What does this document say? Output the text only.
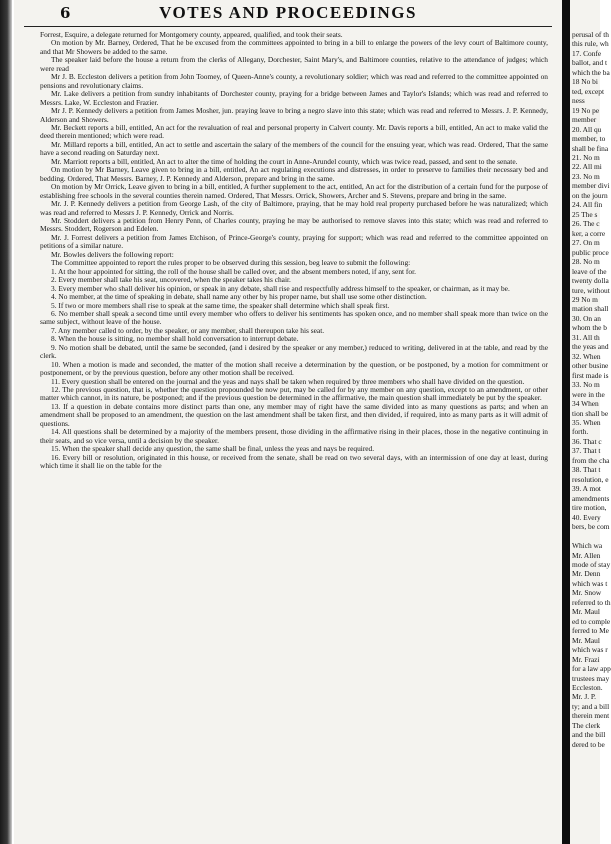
6	VOTES AND PROCEEDINGS

Forrest, Esquire, a delegate returned for Montgomery county, appeared, qualified, and took their seats.

On motion by Mr. Barney, Ordered, That he be excused from the committees appointed to bring in a bill to enlarge the powers of the levy court of Baltimore county, and that Mr Showers be added to the same.

The speaker laid before the house a return from the clerks of Allegany, Dorchester, Saint Mary's, and Baltimore counties, relative to the attendance of judges; which were read

Mr J. B. Eccleston delivers a petition from John Toomey, of Queen-Anne's county, a revolutionary soldier; which was read and referred to the committee appointed on pensions and revolutionary claims.

Mr. Lake delivers a petition from sundry inhabitants of Dorchester county, praying for a bridge between James and Taylor's Islands; which was read and referred to Messrs. Lake, W. Eccleston and Frazier.

Mr J. P. Kennedy delivers a petition from James Mosher, jun. praying leave to bring a negro slave into this state; which was read and referred to Messrs. J. P. Kennedy, Alderson and Showers.

Mr. Beckett reports a bill, entitled, An act for the revaluation of real and personal property in Calvert county. Mr. Davis reports a bill, entitled, An act to make valid the deed therein mentioned; which were read.

Mr. Millard reports a bill, entitled, An act to settle and ascertain the salary of the members of the council for the ensuing year, which was read. Ordered, That the same have a second reading on Saturday next.

Mr. Marriott reports a bill, entitled, An act to alter the time of holding the court in Anne-Arundel county, which was twice read, passed, and sent to the senate.

On motion by Mr Barney, Leave given to bring in a bill, entitled, An act regulating executions and distresses, in order to preserve to families their necessary bed and bedding. Ordered, That Messrs. Barney, J. P. Kennedy and Alderson, prepare and bring in the same.

On motion by Mr Orrick, Leave given to bring in a bill, entitled, A further supplement to the act, entitled, An act for the distribution of a certain fund for the purpose of establishing free schools in the several counties therein named. Ordered, That Messrs. Orrick, Showers, Archer and S. Stevens, prepare and bring in the same.

Mr. J. P. Kennedy delivers a petition from George Lash, of the city of Baltimore, praying, that he may hold real property purchased before he was naturalized; which was read and referred to Messrs J. P. Kennedy, Orrick and Norris.

Mr. Stoddert delivers a petition from Henry Penn, of Charles county, praying he may be authorised to remove slaves into this state; which was read and referred to Messrs. Stoddert, Rogerson and Edelen.

Mr. J. Forrest delivers a petition from James Etchison, of Prince-George's county, praying for support; which was read and referred to the committee appointed on petitions of a similar nature.

Mr. Bowles delivers the following report:

The Committee appointed to report the rules proper to be observed during this session, beg leave to submit the following:

1. At the hour appointed for sitting, the roll of the house shall be called over, and the absent members noted, if any, sent for.

2. Every member shall take his seat, uncovered, when the speaker takes his chair.

3. Every member who shall deliver his opinion, or speak in any debate, shall rise and respectfully address himself to the speaker, or chairman, as it may be.

4. No member, at the time of speaking in debate, shall name any other by his proper name, but shall use some other distinction.

5. If two or more members shall rise to speak at the same time, the speaker shall determine which shall speak first.

6. No member shall speak a second time until every member who offers to deliver his sentiments has spoken once, and no member shall speak more than twice on the same subject, without leave of the house.

7. Any member called to order, by the speaker, or any member, shall thereupon take his seat.

8. When the house is sitting, no member shall hold conversation to interrupt debate.

9. No motion shall be debated, until the same be seconded, (and i desired by the speaker or any member,) reduced to writing, delivered in at the table, and read by the clerk.

10. When a motion is made and seconded, the matter of the motion shall receive a determination by the question, or be postponed, by a motion for commitment or postponement, or by the previous question, before any other motion shall be received.

11. Every question shall be entered on the journal and the yeas and nays shall be taken when required by three members who shall have divided on the question.

12. The previous question, that is, whether the question propounded be now put, may be called for by any member on any question, except to an amendment, or other matter which cannot, in its nature, be postponed; and if the previous question be determined in the affirmative, the main question shall immediately be put by the speaker.

13. If a question in debate contains more distinct parts than one, any member may of right have the same divided into as many questions as parts; and when an amendment shall be proposed to an amendment, the question on the last amendment shall be taken first, and then divided, if required, into as many parts as it will admit of questions.

14. All questions shall be determined by a majority of the members present, those dividing in the affirmative rising in their places, those in the negative continuing in their seats, and so vice versa, until a decision by the speaker.

15. When the speaker shall decide any question, the same shall be final, unless the yeas and nays be required.

16. Every bill or resolution, originated in this house, or received from the senate, shall be read on two several days, with an intermission of one day at least, during which time it shall lie on the table for the

perusal of th
this rule, wh
17. Confe
ballot, and t
which the ba
18 No bi
ted, except
ness
19 No pe
member
20. All qu
member, to
shall be fina
21. No m
22. All mi
23. No m
member divi
on the journ
24. All fin
25 The s
26. The c
ker, a corre
27. On m
public proce
28. No m
leave of the
twenty dolla
ture, without
29 No m
mation shall
30. On an
whom the b
31. All th
the yeas and
32. When
other busine
first made is
33. No m
were in the
34 When
tion shall be
35. When
forth.
36. That c
37. That t
from the cha
38. That t
resolution, e
39. A mot
amendments
tire motion,
40. Every
bers, be com
Which wa
Mr. Allen
mode of stay
Mr. Denn
which was t
Mr. Snow
referred to th
Mr. Maul
ed to comple
ferred to Me
Mr. Maul
which was r
Mr. Frazi
for a law app
trustees may
Eccleston.
Mr. J. P.
ty; and a bill
therein ment
The clerk
and the bill
dered to be
